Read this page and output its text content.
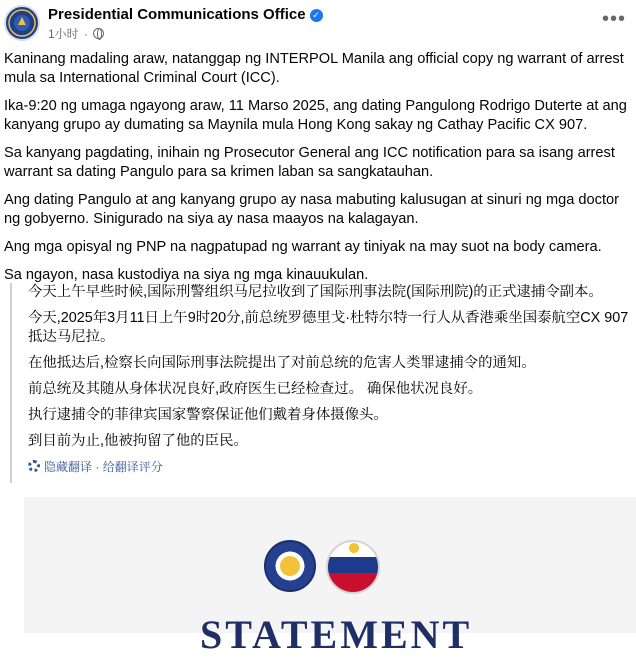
Presidential Communications Office ✓
1小时 ·
•••

Kaninang madaling araw, natanggap ng INTERPOL Manila ang official copy ng warrant of arrest mula sa International Criminal Court (ICC).

Ika-9:20 ng umaga ngayong araw, 11 Marso 2025, ang dating Pangulong Rodrigo Duterte at ang kanyang grupo ay dumating sa Maynila mula Hong Kong sakay ng Cathay Pacific CX 907.

Sa kanyang pagdating, inihain ng Prosecutor General ang ICC notification para sa isang arrest warrant sa dating Pangulo para sa krimen laban sa sangkatauhan.

Ang dating Pangulo at ang kanyang grupo ay nasa mabuting kalusugan at sinuri ng mga doctor ng gobyerno. Sinigurado na siya ay nasa maayos na kalagayan.

Ang mga opisyal ng PNP na nagpatupad ng warrant ay tiniyak na may suot na body camera.

Sa ngayon, nasa kustodiya na siya ng mga kinauukulan.

今天上午早些时候,国际刑警组织马尼拉收到了国际刑事法院(国际刑院)的正式逮捕令副本。

今天,2025年3月11日上午9时20分,前总统罗德里戈·杜特尔特一行人从香港乘坐国泰航空CX 907抵达马尼拉。

在他抵达后,检察长向国际刑事法院提出了对前总统的危害人类罪逮捕令的通知。

前总统及其随从身体状况良好,政府医生已经检查过。 确保他状况良好。

执行逮捕令的菲律宾国家警察保证他们戴着身体摄像头。

到目前为止,他被拘留了他的臣民。

隐藏翻译 · 给翻译评分
STATEMENT
